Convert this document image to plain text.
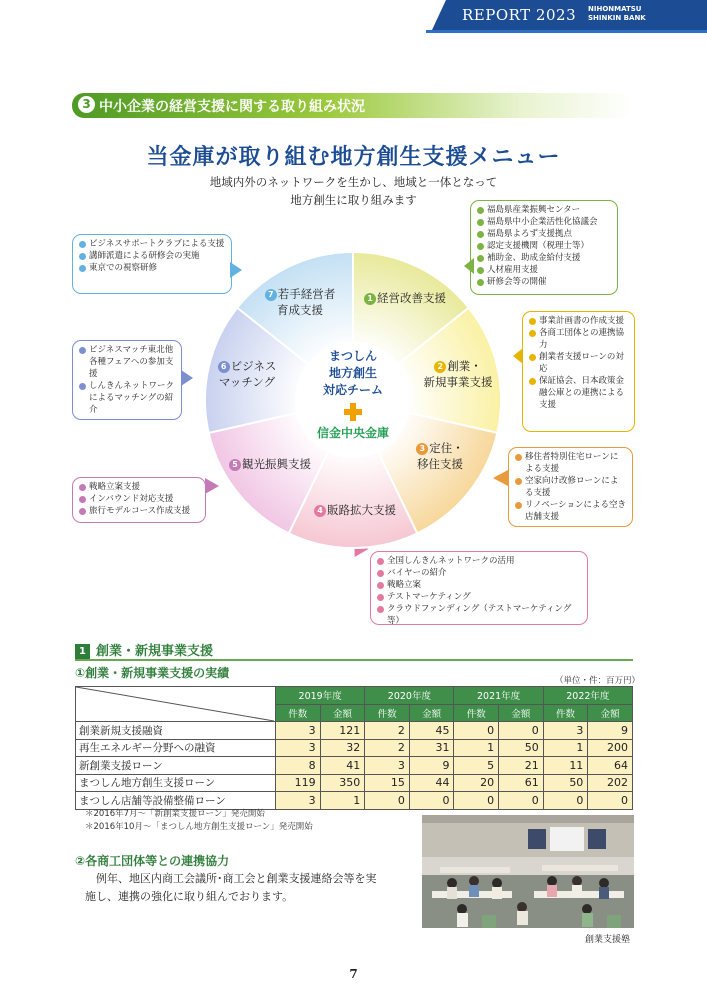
REPORT 2023 NIHONMATSU
SHINKIN BANK
3 中小企業の経営支援に関する取り組み状況
当金庫が取り組む地方創生支援メニュー
地域内外のネットワークを生かし、地域と一体となって
地方創生に取り組みます
福島県産業振興センター
福島県中小企業活性化協議会
福島県よろず支援拠点
認定支援機関（税理士等）
補助金、助成金給付支援
人材雇用支援
研修会等の開催
事業計画書の作成支援
各商工団体との連携協力
創業者支援ローンの対応
保証協会、日本政策金融公庫との連携による支援
移住者特別住宅ローンによる支援
空家向け改修ローンによる支援
リノベーションによる空き店舗支援
全国しんきんネットワークの活用
バイヤーの紹介
戦略立案
テストマーケティング
クラウドファンディング（テストマーケティング等）
戦略立案支援
インバウンド対応支援
旅行モデルコース作成支援
ビジネスマッチ東北他各種フェアへの参加支援
しんきんネットワークによるマッチングの紹介
ビジネスサポートクラブによる支援
講師派遣による研修会の実施
東京での視察研修
1 経営改善支援
2 創業・
新規事業支援
3 定住・
移住支援
4 販路拡大支援
5 観光振興支援
6 ビジネス
マッチング
7 若手経営者
育成支援
まつしん
地方創生
対応チーム
信金中央金庫
1 創業・新規事業支援
①創業・新規事業支援の実績
（単位・件：百万円）
	2019年度		2020年度		2021年度		2022年度	
	件数	金額	件数	金額	件数	金額	件数	金額
創業新規支援融資	3	121	2	45	0	0	3	9
再生エネルギー分野への融資	3	32	2	31	1	50	1	200
新創業支援ローン	8	41	3	9	5	21	11	64
まつしん地方創生支援ローン	119	350	15	44	20	61	50	202
まつしん店舗等設備整備ローン	3	1	0	0	0	0	0	0
＊2016年7月～「新創業支援ローン」発売開始
＊2016年10月～「まつしん地方創生支援ローン」発売開始
②各商工団体等との連携協力
例年、地区内商工会議所･商工会と創業支援連絡会等を実施し、連携の強化に取り組んでおります。
創業支援塾
7
